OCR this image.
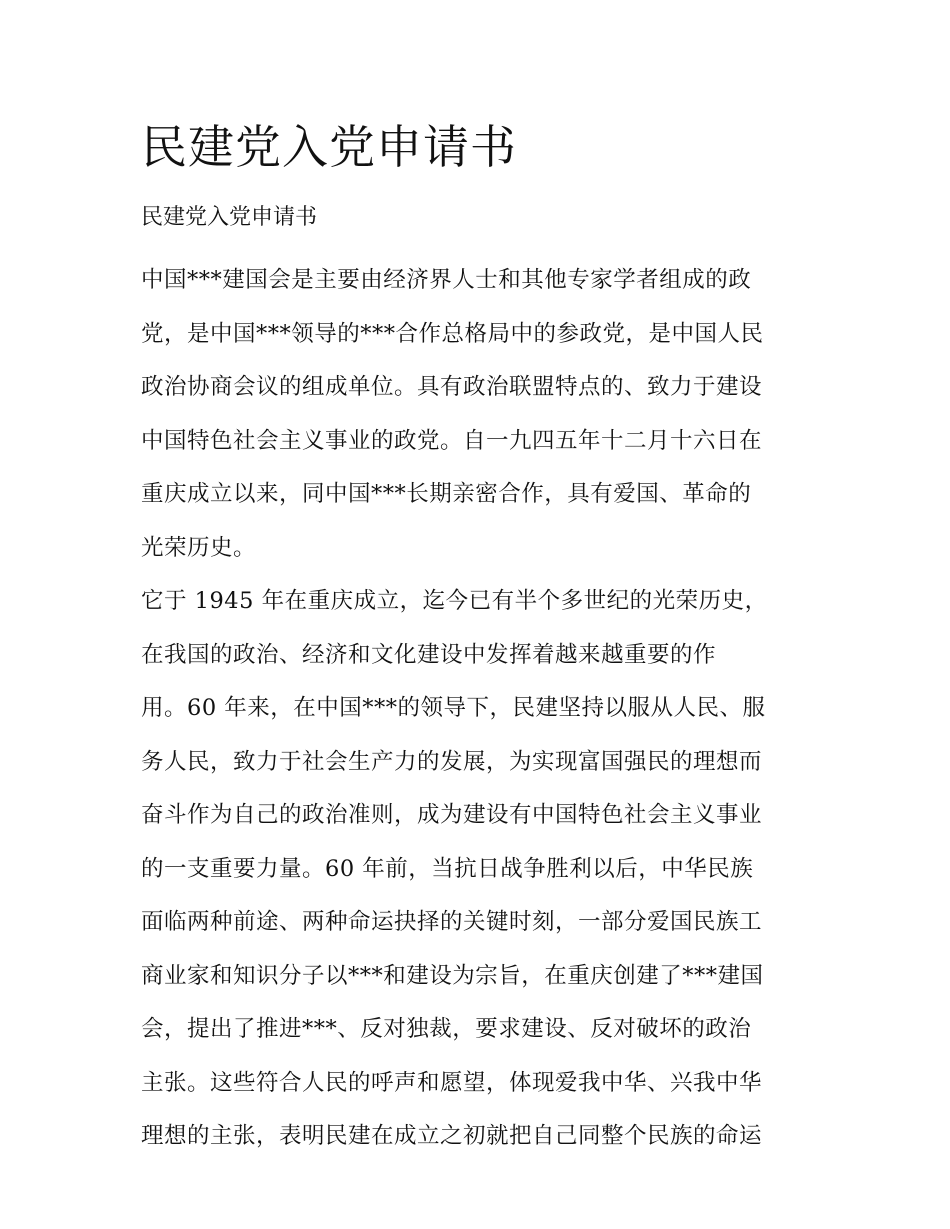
民建党入党申请书
民建党入党申请书
中国***建国会是主要由经济界人士和其他专家学者组成的政
党，是中国***领导的***合作总格局中的参政党，是中国人民
政治协商会议的组成单位。具有政治联盟特点的、致力于建设
中国特色社会主义事业的政党。自一九四五年十二月十六日在
重庆成立以来，同中国***长期亲密合作，具有爱国、革命的
光荣历史。
它于 1945 年在重庆成立，迄今已有半个多世纪的光荣历史，
在我国的政治、经济和文化建设中发挥着越来越重要的作
用。60 年来，在中国***的领导下，民建坚持以服从人民、服
务人民，致力于社会生产力的发展，为实现富国强民的理想而
奋斗作为自己的政治准则，成为建设有中国特色社会主义事业
的一支重要力量。60 年前，当抗日战争胜利以后，中华民族
面临两种前途、两种命运抉择的关键时刻，一部分爱国民族工
商业家和知识分子以***和建设为宗旨，在重庆创建了***建国
会，提出了推进***、反对独裁，要求建设、反对破坏的政治
主张。这些符合人民的呼声和愿望，体现爱我中华、兴我中华
理想的主张，表明民建在成立之初就把自己同整个民族的命运
